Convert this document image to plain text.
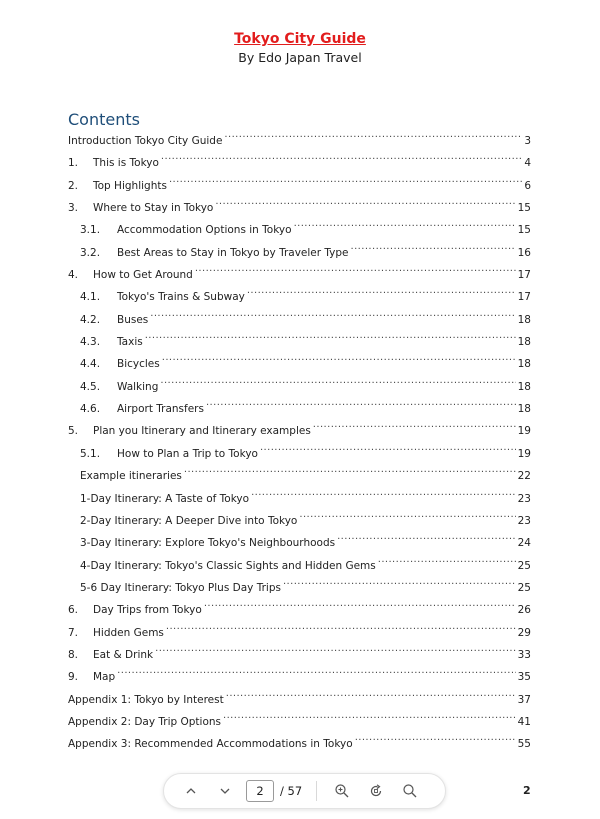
Tokyo City Guide
By Edo Japan Travel
Contents
Introduction Tokyo City Guide .....	3
1.	This is Tokyo .....	4
2.	Top Highlights .....	6
3.	Where to Stay in Tokyo .....	15
3.1.	Accommodation Options in Tokyo .....	15
3.2.	Best Areas to Stay in Tokyo by Traveler Type .....	16
4.	How to Get Around .....	17
4.1.	Tokyo's Trains & Subway .....	17
4.2.	Buses .....	18
4.3.	Taxis .....	18
4.4.	Bicycles .....	18
4.5.	Walking .....	18
4.6.	Airport Transfers .....	18
5.	Plan you Itinerary and Itinerary examples .....	19
5.1.	How to Plan a Trip to Tokyo .....	19
Example itineraries .....	22
1-Day Itinerary: A Taste of Tokyo .....	23
2-Day Itinerary: A Deeper Dive into Tokyo .....	23
3-Day Itinerary: Explore Tokyo's Neighbourhoods .....	24
4-Day Itinerary: Tokyo's Classic Sights and Hidden Gems .....	25
5-6 Day Itinerary: Tokyo Plus Day Trips .....	25
6.	Day Trips from Tokyo .....	26
7.	Hidden Gems .....	29
8.	Eat & Drink .....	33
9.	Map .....	35
Appendix 1: Tokyo by Interest .....	37
Appendix 2: Day Trip Options .....	41
Appendix 3: Recommended Accommodations in Tokyo .....	55
2	/ 57	2
